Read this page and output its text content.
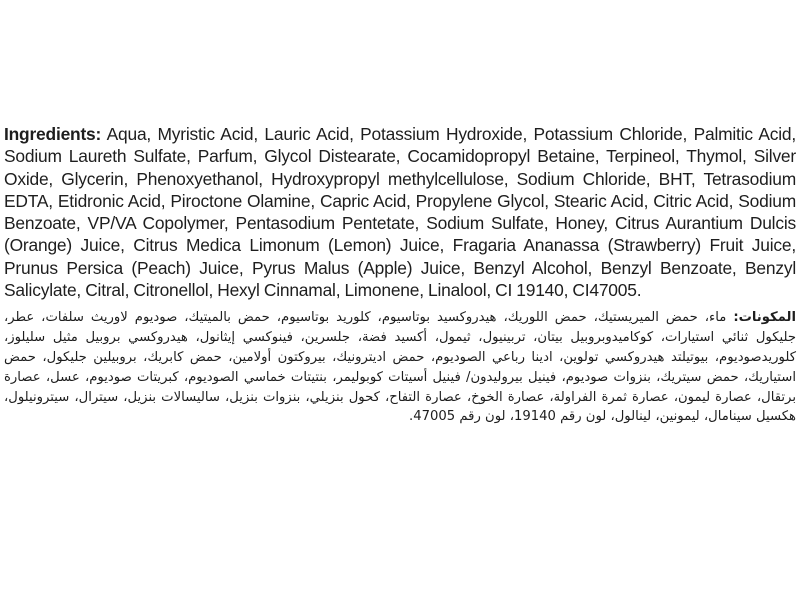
Ingredients: Aqua, Myristic Acid, Lauric Acid, Potassium Hydroxide, Potassium Chloride, Palmitic Acid, Sodium Laureth Sulfate, Parfum, Glycol Distearate, Cocamidopropyl Betaine, Terpineol, Thymol, Silver Oxide, Glycerin, Phenoxyethanol, Hydroxypropyl methylcellulose, Sodium Chloride, BHT, Tetrasodium EDTA, Etidronic Acid, Piroctone Olamine, Capric Acid, Propylene Glycol, Stearic Acid, Citric Acid, Sodium Benzoate, VP/VA Copolymer, Pentasodium Pentetate, Sodium Sulfate, Honey, Citrus Aurantium Dulcis (Orange) Juice, Citrus Medica Limonum (Lemon) Juice, Fragaria Ananassa (Strawberry) Fruit Juice, Prunus Persica (Peach) Juice, Pyrus Malus (Apple) Juice, Benzyl Alcohol, Benzyl Benzoate, Benzyl Salicylate, Citral, Citronellol, Hexyl Cinnamal, Limonene, Linalool, CI 19140, CI47005.

المكونات: ماء، حمض الميريستيك، حمض اللوريك، هيدروكسيد بوتاسيوم، كلوريد بوتاسيوم، حمض بالميتيك، صوديوم لاوريث سلفات، عطر، جليكول ثنائي استيارات، كوكاميدوبروبيل بيتان، تربينيول، ثيمول، أكسيد فضة، جلسرين، فينوكسي إيثانول، هيدروكسي بروبيل مثيل سليلوز، كلوريدصوديوم، بيوتيلتد هيدروكسي تولوين، ادينا رباعي الصوديوم، حمض اديترونيك، بيروكتون أولامين، حمض كابريك، بروبيلين جليكول، حمض استياريك، حمض سيتريك، بنزوات صوديوم، فينيل بيروليدون/ فينيل أسيتات كوبوليمر، بنتيتات خماسي الصوديوم، كبريتات صوديوم، عسل، عصارة برتقال، عصارة ليمون، عصارة ثمرة الفراولة، عصارة الخوخ، عصارة التفاح، كحول بنزيلي، بنزوات بنزيل، ساليسالات بنزيل، سيترال، سيترونيلول، هكسيل سينامال، ليمونين، لينالول، لون رقم 19140، لون رقم 47005.
